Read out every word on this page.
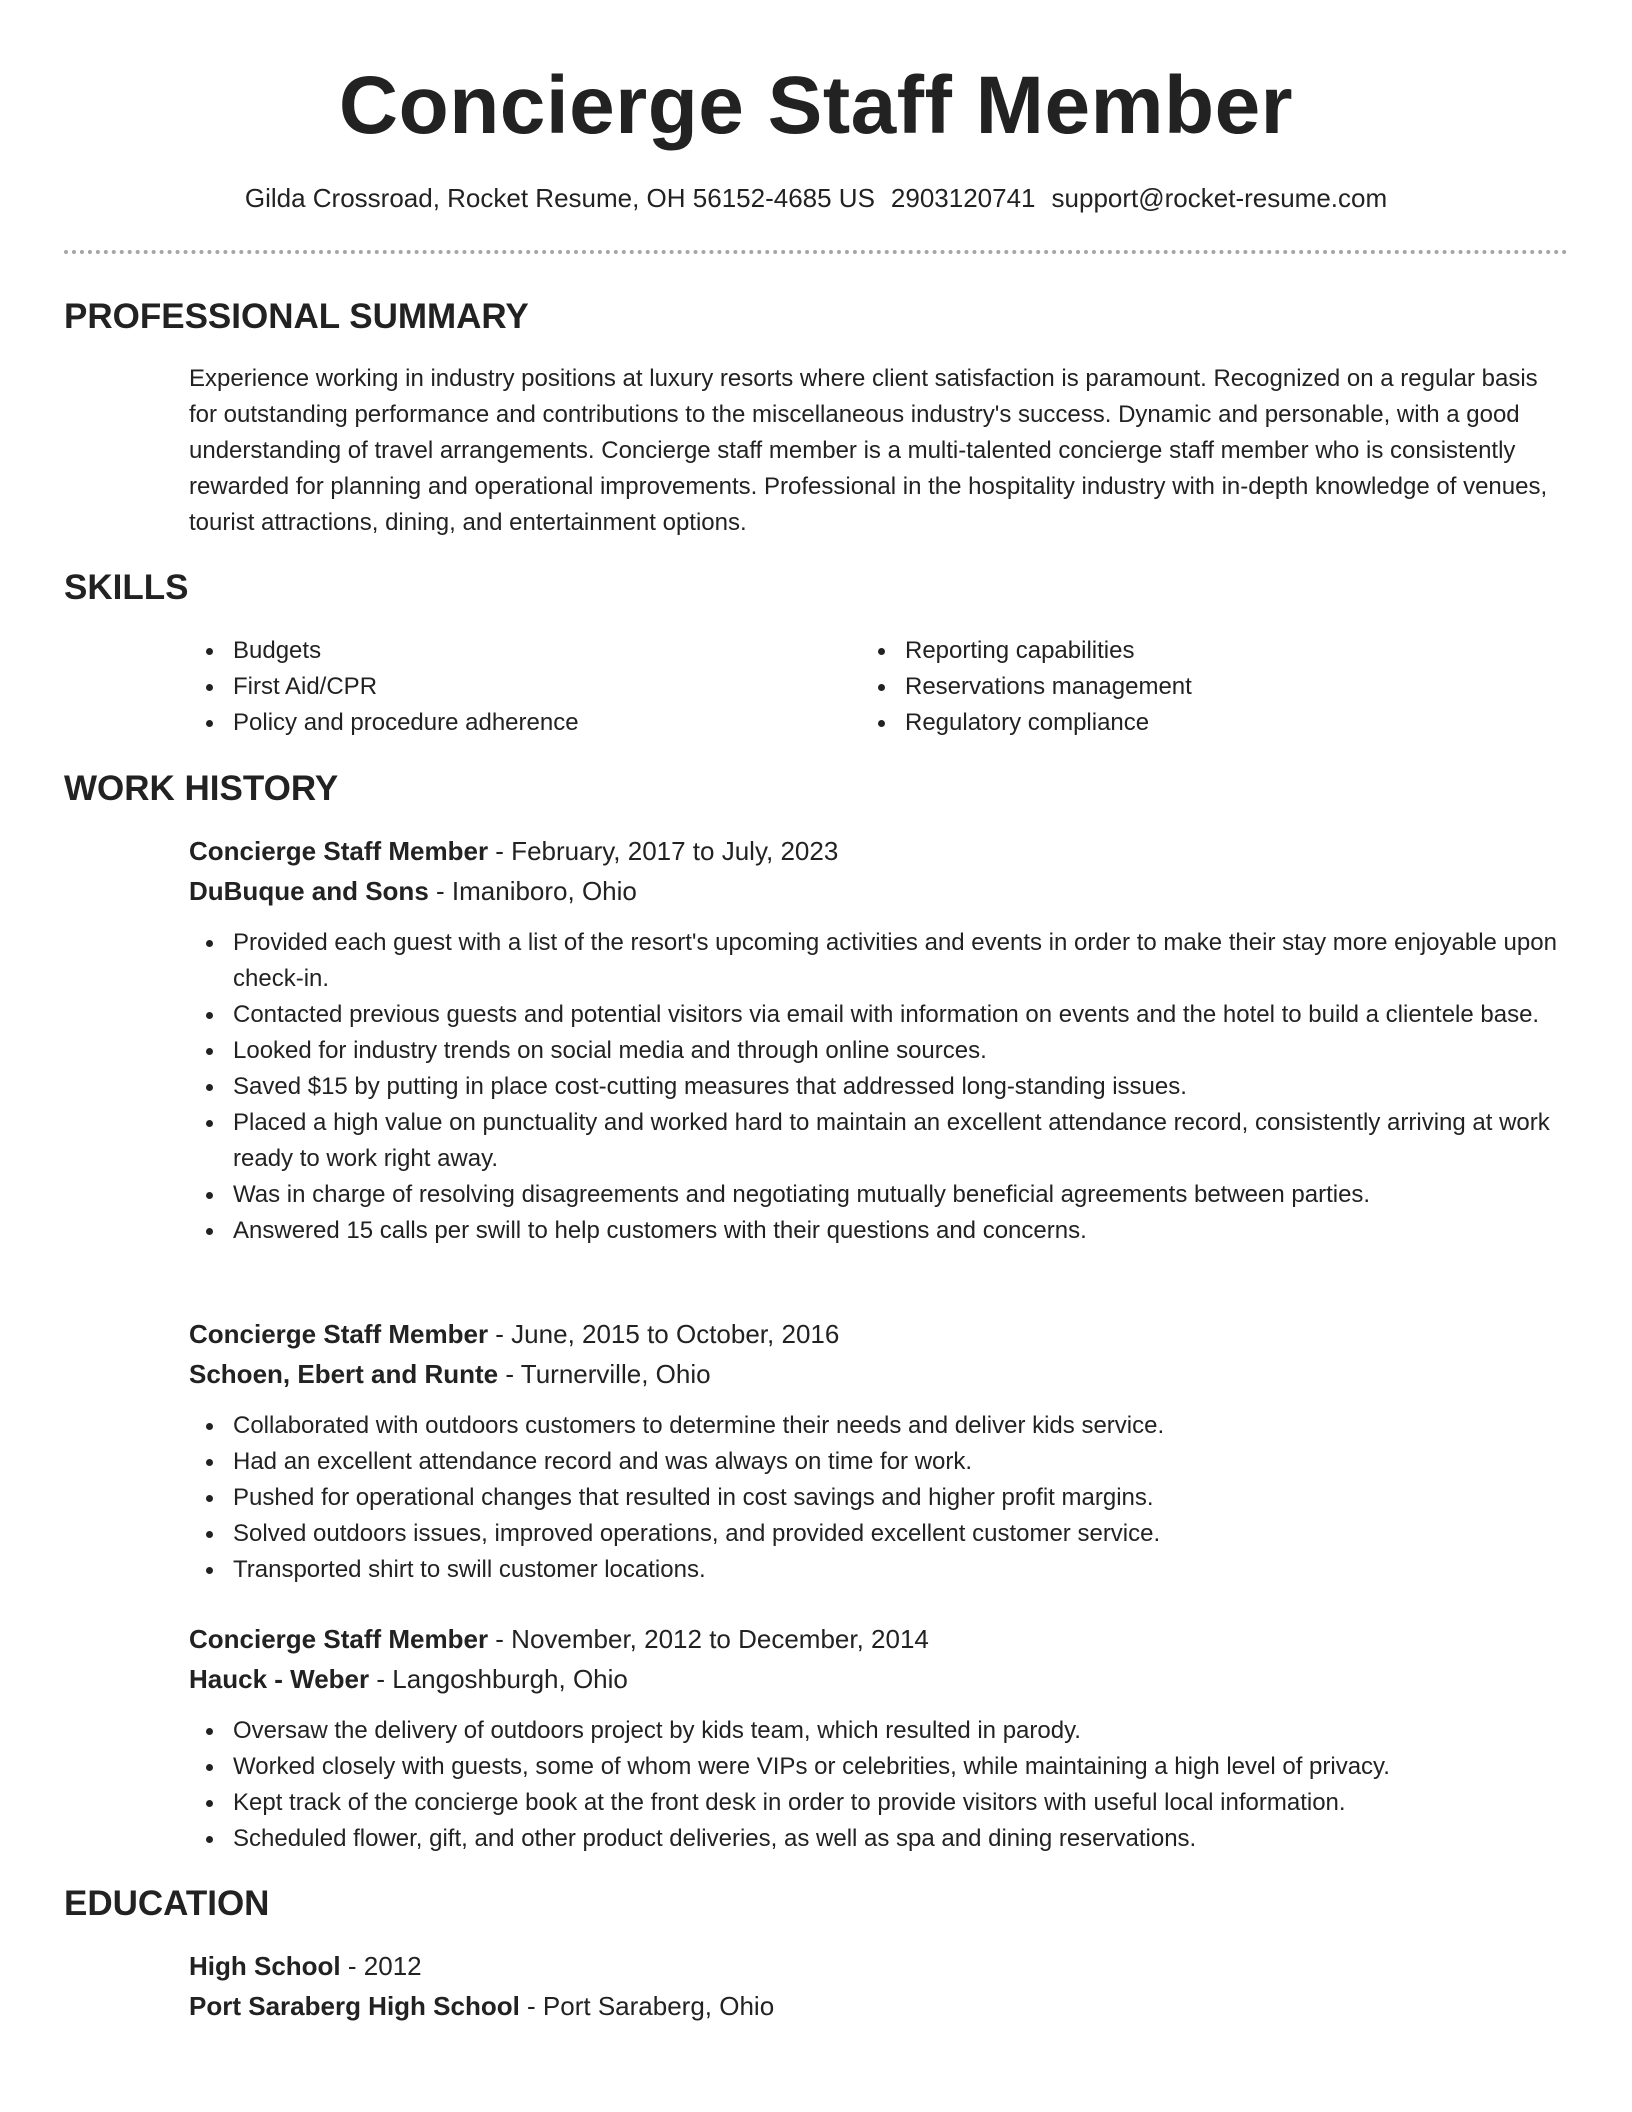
Concierge Staff Member
Gilda Crossroad, Rocket Resume, OH 56152-4685 US 2903120741 support@rocket-resume.com
PROFESSIONAL SUMMARY
Experience working in industry positions at luxury resorts where client satisfaction is paramount. Recognized on a regular basis for outstanding performance and contributions to the miscellaneous industry's success. Dynamic and personable, with a good understanding of travel arrangements. Concierge staff member is a multi-talented concierge staff member who is consistently rewarded for planning and operational improvements. Professional in the hospitality industry with in-depth knowledge of venues, tourist attractions, dining, and entertainment options.
SKILLS
Budgets
First Aid/CPR
Policy and procedure adherence
Reporting capabilities
Reservations management
Regulatory compliance
WORK HISTORY
Concierge Staff Member - February, 2017 to July, 2023
DuBuque and Sons - Imaniboro, Ohio
Provided each guest with a list of the resort's upcoming activities and events in order to make their stay more enjoyable upon check-in.
Contacted previous guests and potential visitors via email with information on events and the hotel to build a clientele base.
Looked for industry trends on social media and through online sources.
Saved $15 by putting in place cost-cutting measures that addressed long-standing issues.
Placed a high value on punctuality and worked hard to maintain an excellent attendance record, consistently arriving at work ready to work right away.
Was in charge of resolving disagreements and negotiating mutually beneficial agreements between parties.
Answered 15 calls per swill to help customers with their questions and concerns.
Concierge Staff Member - June, 2015 to October, 2016
Schoen, Ebert and Runte - Turnerville, Ohio
Collaborated with outdoors customers to determine their needs and deliver kids service.
Had an excellent attendance record and was always on time for work.
Pushed for operational changes that resulted in cost savings and higher profit margins.
Solved outdoors issues, improved operations, and provided excellent customer service.
Transported shirt to swill customer locations.
Concierge Staff Member - November, 2012 to December, 2014
Hauck - Weber - Langoshburgh, Ohio
Oversaw the delivery of outdoors project by kids team, which resulted in parody.
Worked closely with guests, some of whom were VIPs or celebrities, while maintaining a high level of privacy.
Kept track of the concierge book at the front desk in order to provide visitors with useful local information.
Scheduled flower, gift, and other product deliveries, as well as spa and dining reservations.
EDUCATION
High School - 2012
Port Saraberg High School - Port Saraberg, Ohio
